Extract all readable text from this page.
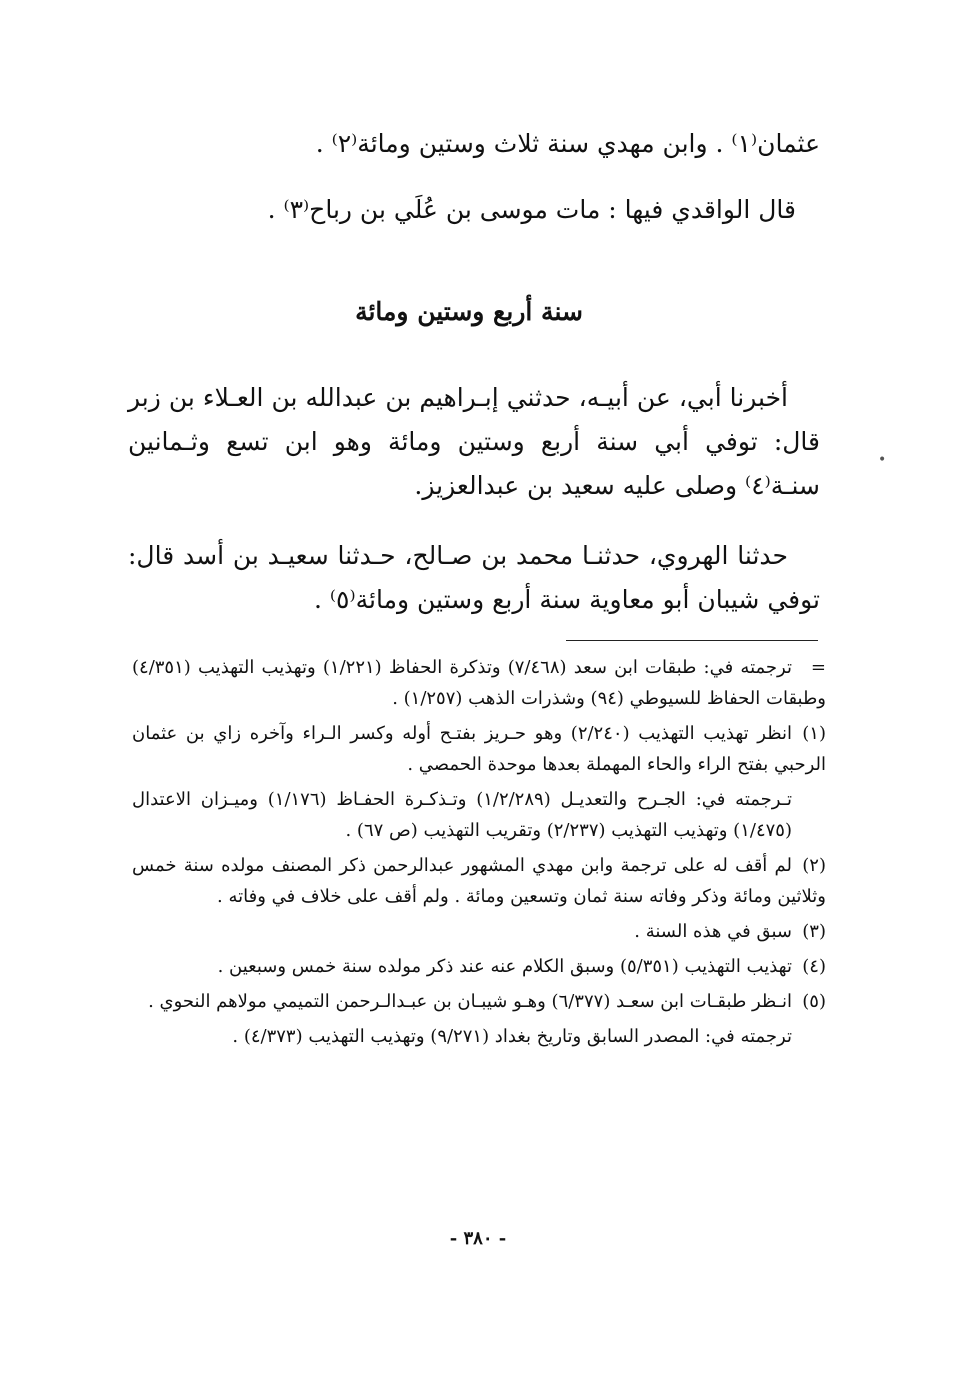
عثمان⁽١⁾ . وابن مهدي سنة ثلاث وستين ومائة⁽٢⁾ .

قال الواقدي فيها : مات موسى بن عُلَي بن رباح⁽٣⁾ .

سنة أربع وستين ومائة

أخبرنا أبي، عن أبيـه، حدثني إبـراهيم بن عبدالله بن العـلاء بن زبر قال: توفي أبي سنة أربع وستين ومائة وهو ابن تسع وثـمانين سنـة⁽٤⁾ وصلى عليه سعيد بن عبدالعزيز.

حدثنا الهروي، حدثنـا محمد بن صـالح، حـدثنا سعيـد بن أسد قال: توفي شيبان أبو معاوية سنة أربع وستين ومائة⁽٥⁾ .

•

=ترجمته في: طبقات ابن سعد (٧/٤٦٨) وتذكرة الحفاظ (١/٢٢١) وتهذيب التهذيب (٤/٣٥١) وطبقات الحفاظ للسيوطي (٩٤) وشذرات الذهب (١/٢٥٧) .

(١)انظر تهذيب التهذيب (٢/٢٤٠) وهو حـريز بفتـح أوله وكسر الـراء وآخره زاي بن عثمان الرحبي بفتح الراء والحاء المهملة بعدها موحدة الحمصي .

تـرجمته في: الجـرح والتعديـل (١/٢/٢٨٩) وتـذكـرة الحفـاظ (١/١٧٦) وميـزان الاعتدال (١/٤٧٥) وتهذيب التهذيب (٢/٢٣٧) وتقريب التهذيب (ص ٦٧) .

(٢)لم أقف له على ترجمة وابن مهدي المشهور عبدالرحمن ذكر المصنف مولده سنة خمس وثلاثين ومائة وذكر وفاته سنة ثمان وتسعين ومائة . ولم أقف على خلاف في وفاته .

(٣)سبق في هذه السنة .

(٤)تهذيب التهذيب (٥/٣٥١) وسبق الكلام عنه عند ذكر مولده سنة خمس وسبعين .

(٥)انـظر طبقـات ابن سعـد (٦/٣٧٧) وهـو شيبـان بن عبـدالـرحمن التميمي مولاهم النحوي .

ترجمته في: المصدر السابق وتاريخ بغداد (٩/٢٧١) وتهذيب التهذيب (٤/٣٧٣) .

- ٣٨٠ -
